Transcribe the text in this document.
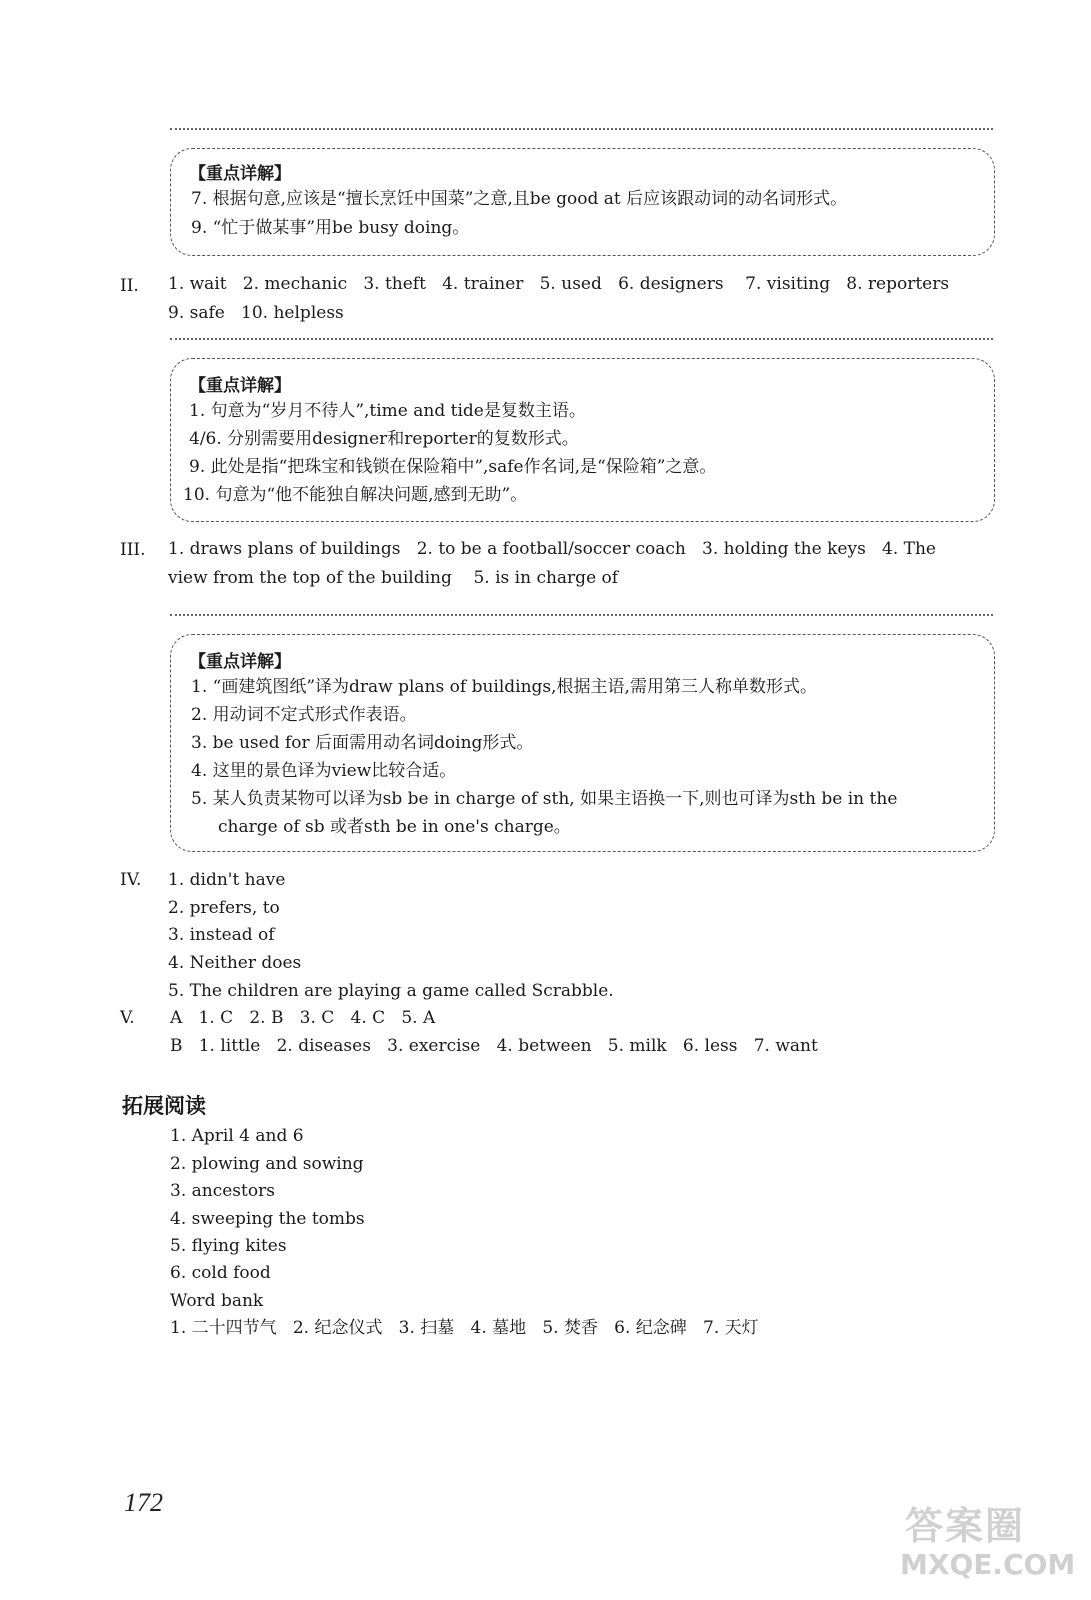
【重点详解】
7. 根据句意,应该是“擅长烹饪中国菜”之意,且be good at 后应该跟动词的动名词形式。
9. “忙于做某事”用be busy doing。
II. 1. wait   2. mechanic   3. theft   4. trainer   5. used   6. designers    7. visiting   8. reporters
9. safe   10. helpless
【重点详解】
1. 句意为“岁月不待人”,time and tide是复数主语。
4/6. 分别需要用designer和reporter的复数形式。
9. 此处是指“把珠宝和钱锁在保险箱中”,safe作名词,是“保险箱”之意。
10. 句意为“他不能独自解决问题,感到无助”。
III. 1. draws plans of buildings   2. to be a football/soccer coach   3. holding the keys   4. The
view from the top of the building    5. is in charge of
【重点详解】
1. “画建筑图纸”译为draw plans of buildings,根据主语,需用第三人称单数形式。
2. 用动词不定式形式作表语。
3. be used for 后面需用动名词doing形式。
4. 这里的景色译为view比较合适。
5. 某人负责某物可以译为sb be in charge of sth, 如果主语换一下,则也可译为sth be in the
charge of sb 或者sth be in one's charge。
IV. 1. didn't have
2. prefers, to
3. instead of
4. Neither does
5. The children are playing a game called Scrabble.
V. A   1. C   2. B   3. C   4. C   5. A
B   1. little   2. diseases   3. exercise   4. between   5. milk   6. less   7. want
拓展阅读
1. April 4 and 6
2. plowing and sowing
3. ancestors
4. sweeping the tombs
5. flying kites
6. cold food
Word bank
1. 二十四节气   2. 纪念仪式   3. 扫墓   4. 墓地   5. 焚香   6. 纪念碑   7. 天灯
172
答案圈
MXQE.COM
